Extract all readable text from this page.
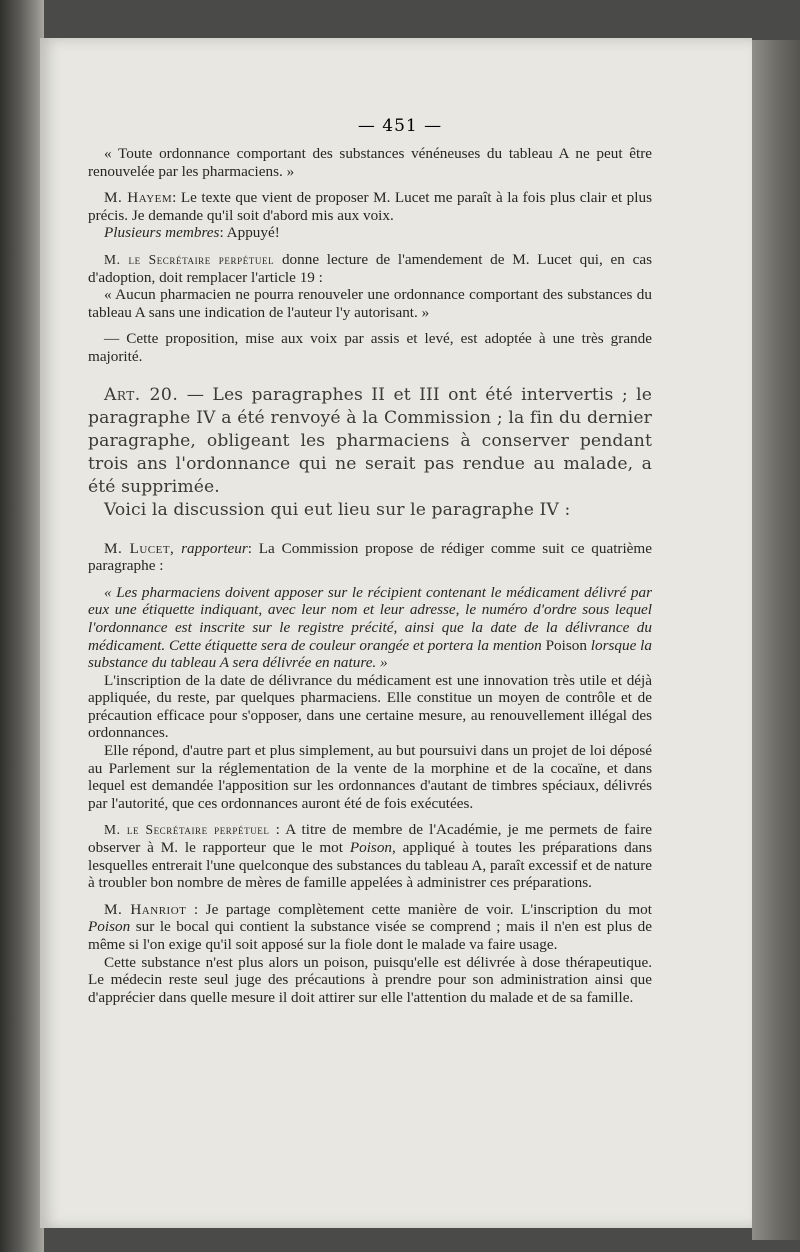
— 451 —

« Toute ordonnance comportant des substances vénéneuses du tableau A ne peut être renouvelée par les pharmaciens. »

M. Hayem: Le texte que vient de proposer M. Lucet me paraît à la fois plus clair et plus précis. Je demande qu'il soit d'abord mis aux voix.

Plusieurs membres: Appuyé!

M. le Secrétaire perpétuel donne lecture de l'amendement de M. Lucet qui, en cas d'adoption, doit remplacer l'article 19 :

« Aucun pharmacien ne pourra renouveler une ordonnance comportant des substances du tableau A sans une indication de l'auteur l'y autorisant. »

— Cette proposition, mise aux voix par assis et levé, est adoptée à une très grande majorité.

Art. 20. — Les paragraphes II et III ont été intervertis ; le paragraphe IV a été renvoyé à la Commission ; la fin du dernier paragraphe, obligeant les pharmaciens à conserver pendant trois ans l'ordonnance qui ne serait pas rendue au malade, a été supprimée.

Voici la discussion qui eut lieu sur le paragraphe IV :

M. Lucet, rapporteur: La Commission propose de rédiger comme suit ce quatrième paragraphe :

« Les pharmaciens doivent apposer sur le récipient contenant le médicament délivré par eux une étiquette indiquant, avec leur nom et leur adresse, le numéro d'ordre sous lequel l'ordonnance est inscrite sur le registre précité, ainsi que la date de la délivrance du médicament. Cette étiquette sera de couleur orangée et portera la mention Poison lorsque la substance du tableau A sera délivrée en nature. »

L'inscription de la date de délivrance du médicament est une innovation très utile et déjà appliquée, du reste, par quelques pharmaciens. Elle constitue un moyen de contrôle et de précaution efficace pour s'opposer, dans une certaine mesure, au renouvellement illégal des ordonnances.

Elle répond, d'autre part et plus simplement, au but poursuivi dans un projet de loi déposé au Parlement sur la réglementation de la vente de la morphine et de la cocaïne, et dans lequel est demandée l'apposition sur les ordonnances d'autant de timbres spéciaux, délivrés par l'autorité, que ces ordonnances auront été de fois exécutées.

M. le Secrétaire perpétuel : A titre de membre de l'Académie, je me permets de faire observer à M. le rapporteur que le mot Poison, appliqué à toutes les préparations dans lesquelles entrerait l'une quelconque des substances du tableau A, paraît excessif et de nature à troubler bon nombre de mères de famille appelées à administrer ces préparations.

M. Hanriot : Je partage complètement cette manière de voir. L'inscription du mot Poison sur le bocal qui contient la substance visée se comprend ; mais il n'en est plus de même si l'on exige qu'il soit apposé sur la fiole dont le malade va faire usage.

Cette substance n'est plus alors un poison, puisqu'elle est délivrée à dose thérapeutique. Le médecin reste seul juge des précautions à prendre pour son administration ainsi que d'apprécier dans quelle mesure il doit attirer sur elle l'attention du malade et de sa famille.
